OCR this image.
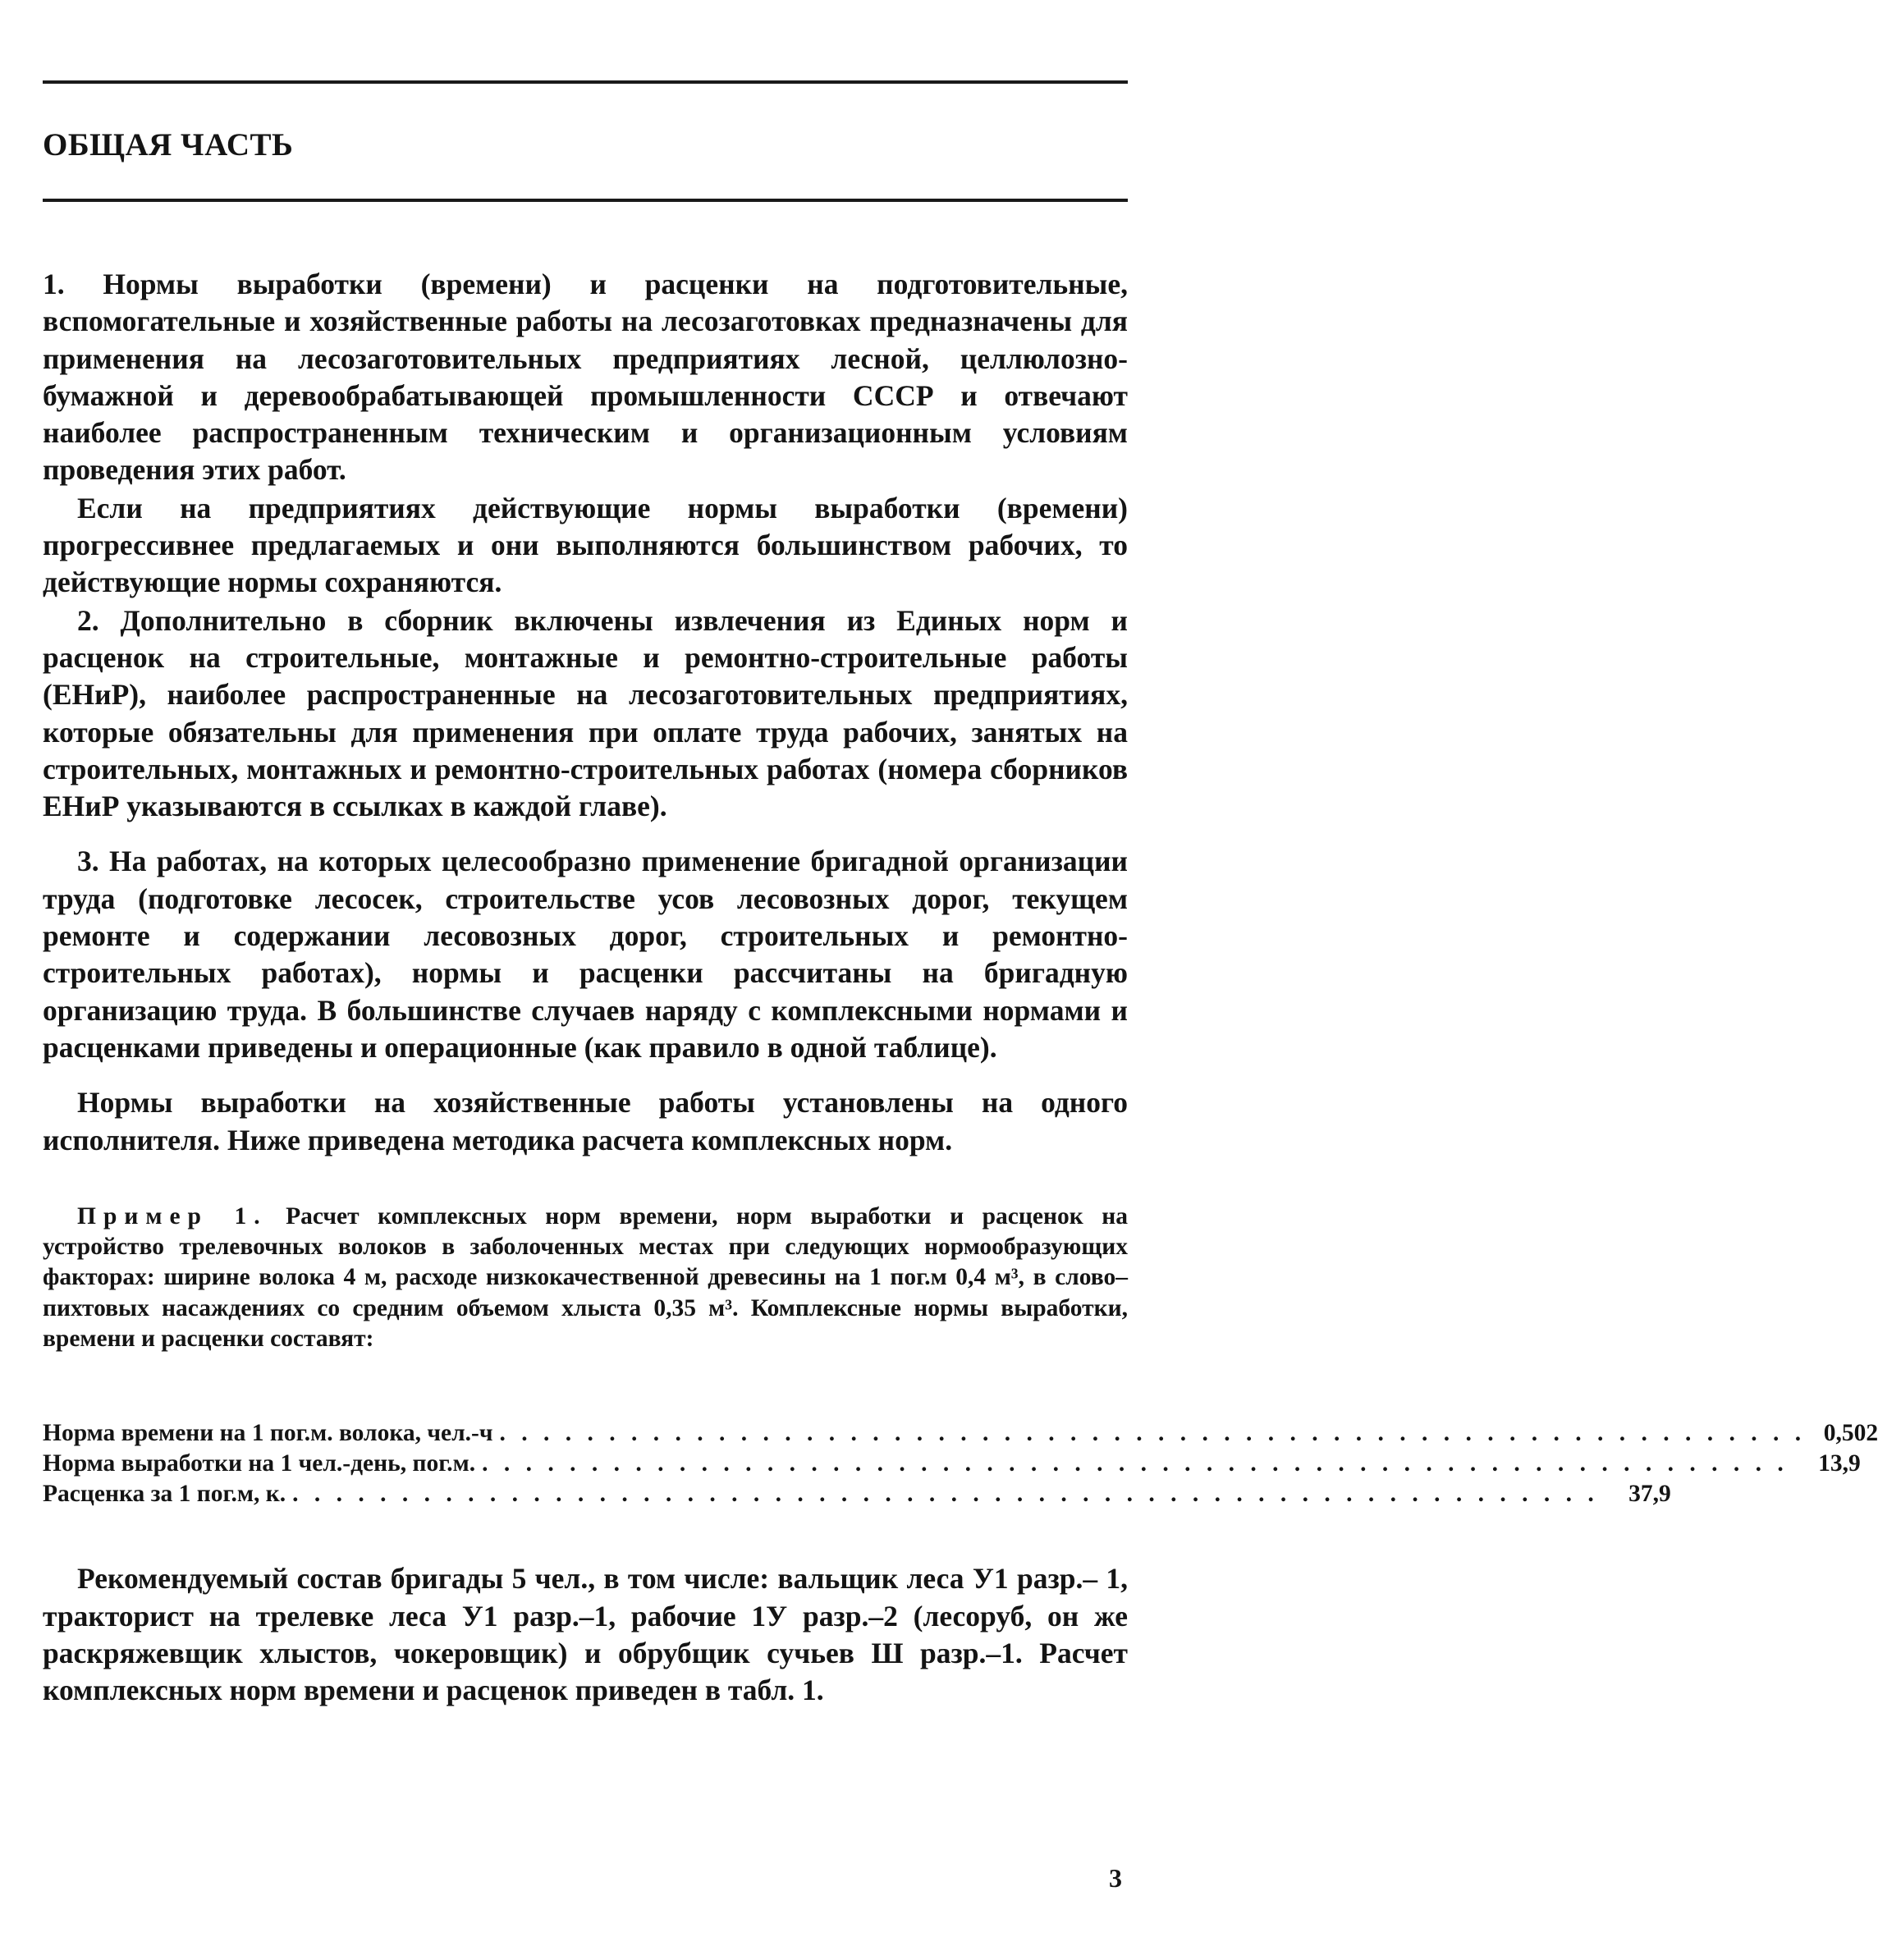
ОБЩАЯ ЧАСТЬ

1. Нормы выработки (времени) и расценки на подготовительные, вспомогательные и хозяйственные работы на лесозаготовках предназначены для применения на лесозаготовительных предприятиях лесной, целлюлозно-бумажной и деревообрабатывающей промышленности СССР и отвечают наиболее распространенным техническим и организационным условиям проведения этих работ.

Если на предприятиях действующие нормы выработки (времени) прогрессивнее предлагаемых и они выполняются большинством рабочих, то действующие нормы сохраняются.

2. Дополнительно в сборник включены извлечения из Единых норм и расценок на строительные, монтажные и ремонтно-строительные работы (ЕНиР), наиболее распространенные на лесозаготовительных предприятиях, которые обязательны для применения при оплате труда рабочих, занятых на строительных, монтажных и ремонтно-строительных работах (номера сборников ЕНиР указываются в ссылках в каждой главе).

3. На работах, на которых целесообразно применение бригадной организации труда (подготовке лесосек, строительстве усов лесовозных дорог, текущем ремонте и содержании лесовозных дорог, строительных и ремонтно-строительных работах), нормы и расценки рассчитаны на бригадную организацию труда. В большинстве случаев наряду с комплексными нормами и расценками приведены и операционные (как правило в одной таблице).

Нормы выработки на хозяйственные работы установлены на одного исполнителя. Ниже приведена методика расчета комплексных норм.

Пример 1. Расчет комплексных норм времени, норм выработки и расценок на устройство трелевочных волоков в заболоченных местах при следующих нормообразующих факторах: ширине волока 4 м, расходе низкокачественной древесины на 1 пог.м 0,4 м³, в слово–пихтовых насаждениях со средним объемом хлыста 0,35 м³. Комплексные нормы выработки, времени и расценки составят:

Норма времени на 1 пог.м. волока, чел.-ч . . . . . . . . . . . . . . . . . . . . . . . . . . . . . . . . . . . . . . . . . . . . . . . . . . . . . . . . . . . . 0,502
Норма выработки на 1 чел.-день, пог.м. . . . . . . . . . . . . . . . . . . . . . . . . . . . . . . . . . . . . . . . . . . . . . . . . . . . . . . . . . . . .	13,9
Расценка за 1 пог.м, к. . . . . . . . . . . . . . . . . . . . . . . . . . . . . . . . . . . . . . . . . . . . . . . . . . . . . . . . . . . . .	37,9

Рекомендуемый состав бригады 5 чел., в том числе: вальщик леса У1 разр.– 1, тракторист на трелевке леса У1 разр.–1, рабочие 1У разр.–2 (лесоруб, он же раскряжевщик хлыстов, чокеровщик) и обрубщик сучьев Ш разр.–1. Расчет комплексных норм времени и расценок приведен в табл. 1.

3
